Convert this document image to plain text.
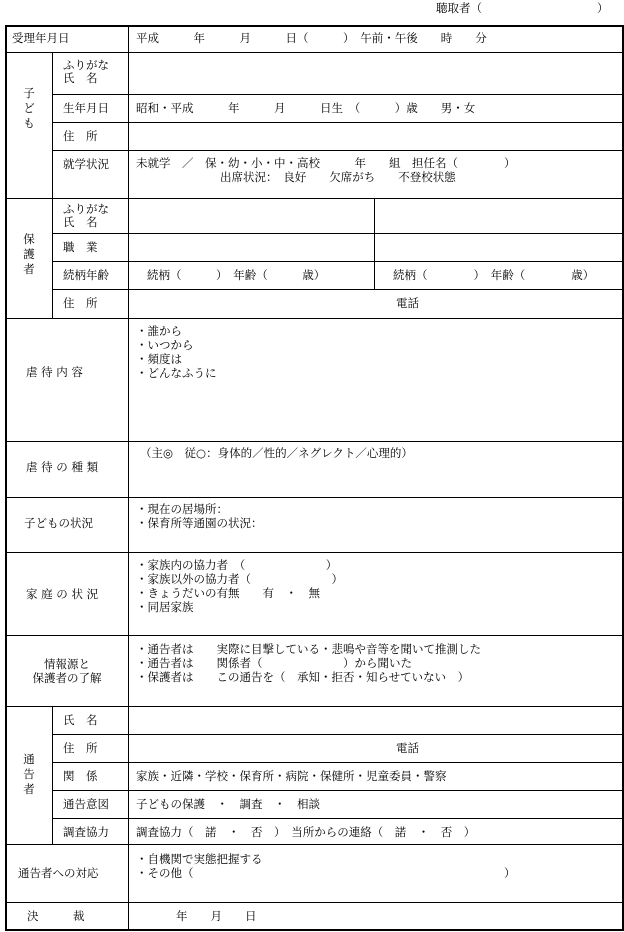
聴取者（　　　　　　　　　　）
受理年月日	平成　　　年　　　月　　　日（　　　）　午前・午後　　時　　分
子ども
ふりがな
氏　名
生年月日 昭和・平成　　　年　　　月　　　日生　（　　　）歳　　男・女
住　所
就学状況 未就学　／　保・幼・小・中・高校　　　年　　組　担任名（　　　　）
出席状況：　良好　　欠席がち　　不登校状態
保
護
者
ふりがな
氏　名
職　業
続柄年齢	続柄（　　　）　年齢（　　　歳）	続柄（　　　　）　年齢（　　　　歳）
住　所	電話
虐 待 内 容
・誰から
・いつから
・頻度は
・どんなふうに
虐 待 の 種 類
（主◎　従○：身体的／性的／ネグレクト／心理的）
子どもの状況
・現在の居場所：
・保育所等通園の状況：
家 庭 の 状 況
・家族内の協力者　（　　　　　　　）
・家族以外の協力者（　　　　　　　）
・きょうだいの有無　　有　・　無
・同居家族
情報源と
保護者の了解
・通告者は　　実際に目撃している・悲鳴や音等を聞いて推測した
・通告者は　　関係者（　　　　　　　）から聞いた
・保護者は　　この通告を（　承知・拒否・知らせていない　）
通
告
者
氏　名
住　所	電話
関　係	家族・近隣・学校・保育所・病院・保健所・児童委員・警察
通告意図 子どもの保護　・　調査　・　相談
調査協力 調査協力（　諾　・　否　）　当所からの連絡（　諾　・　否　）
通告者への対応
・自機関で実態把握する
・その他（　　　　　　　　　　　　　　　　　　　　　　　　　　　）
決　　　裁	年　　月　　日
